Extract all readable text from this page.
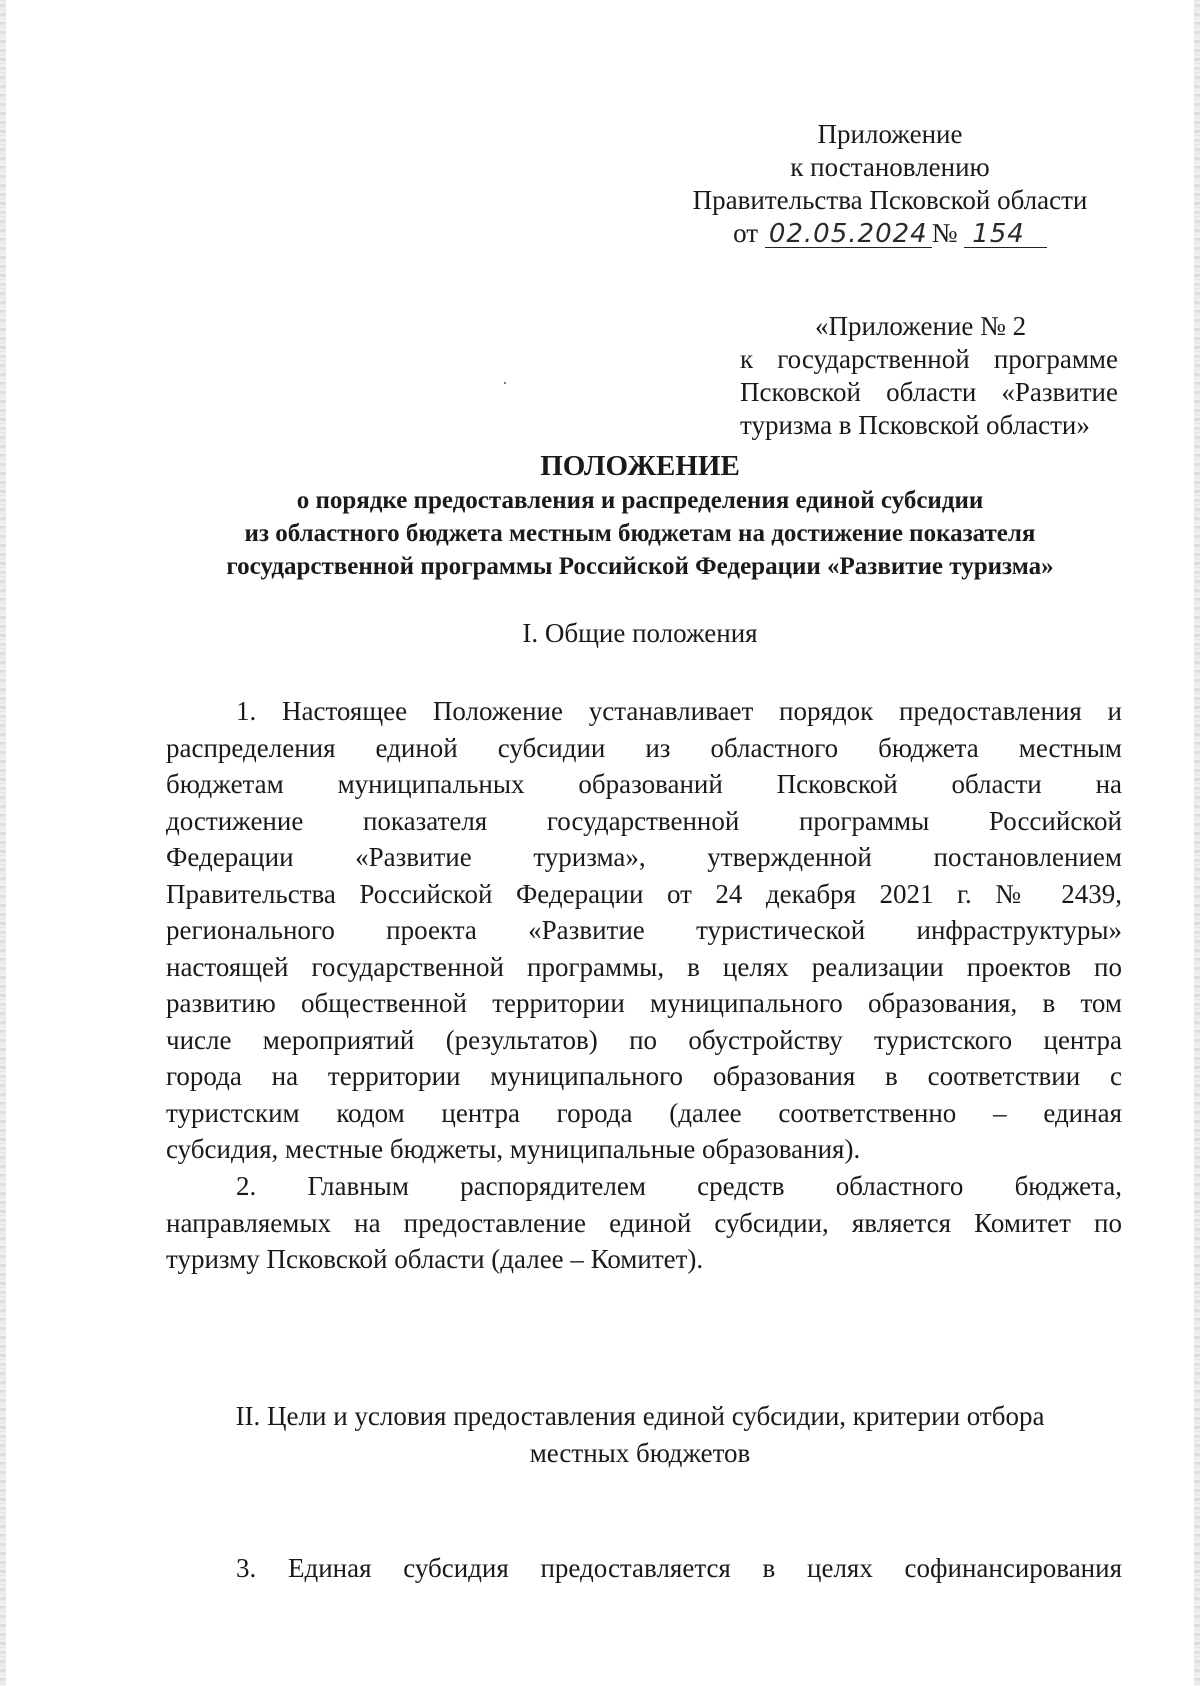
Приложение
к постановлению
Правительства Псковской области
от 02.05.2024 № 154
«Приложение № 2
к государственной программе
Псковской области «Развитие
туризма в Псковской области»
ПОЛОЖЕНИЕ
о порядке предоставления и распределения единой субсидии
из областного бюджета местным бюджетам на достижение показателя
государственной программы Российской Федерации «Развитие туризма»
I. Общие положения
1. Настоящее Положение устанавливает порядок предоставления и
распределения единой субсидии из областного бюджета местным
бюджетам муниципальных образований Псковской области на
достижение показателя государственной программы Российской
Федерации «Развитие туризма», утвержденной постановлением
Правительства Российской Федерации от 24 декабря 2021 г. № 2439,
регионального проекта «Развитие туристической инфраструктуры»
настоящей государственной программы, в целях реализации проектов по
развитию общественной территории муниципального образования, в том
числе мероприятий (результатов) по обустройству туристского центра
города на территории муниципального образования в соответствии с
туристским кодом центра города (далее соответственно – единая
субсидия, местные бюджеты, муниципальные образования).
2. Главным распорядителем средств областного бюджета,
направляемых на предоставление единой субсидии, является Комитет по
туризму Псковской области (далее – Комитет).
II. Цели и условия предоставления единой субсидии, критерии отбора
местных бюджетов
3. Единая субсидия предоставляется в целях софинансирования
